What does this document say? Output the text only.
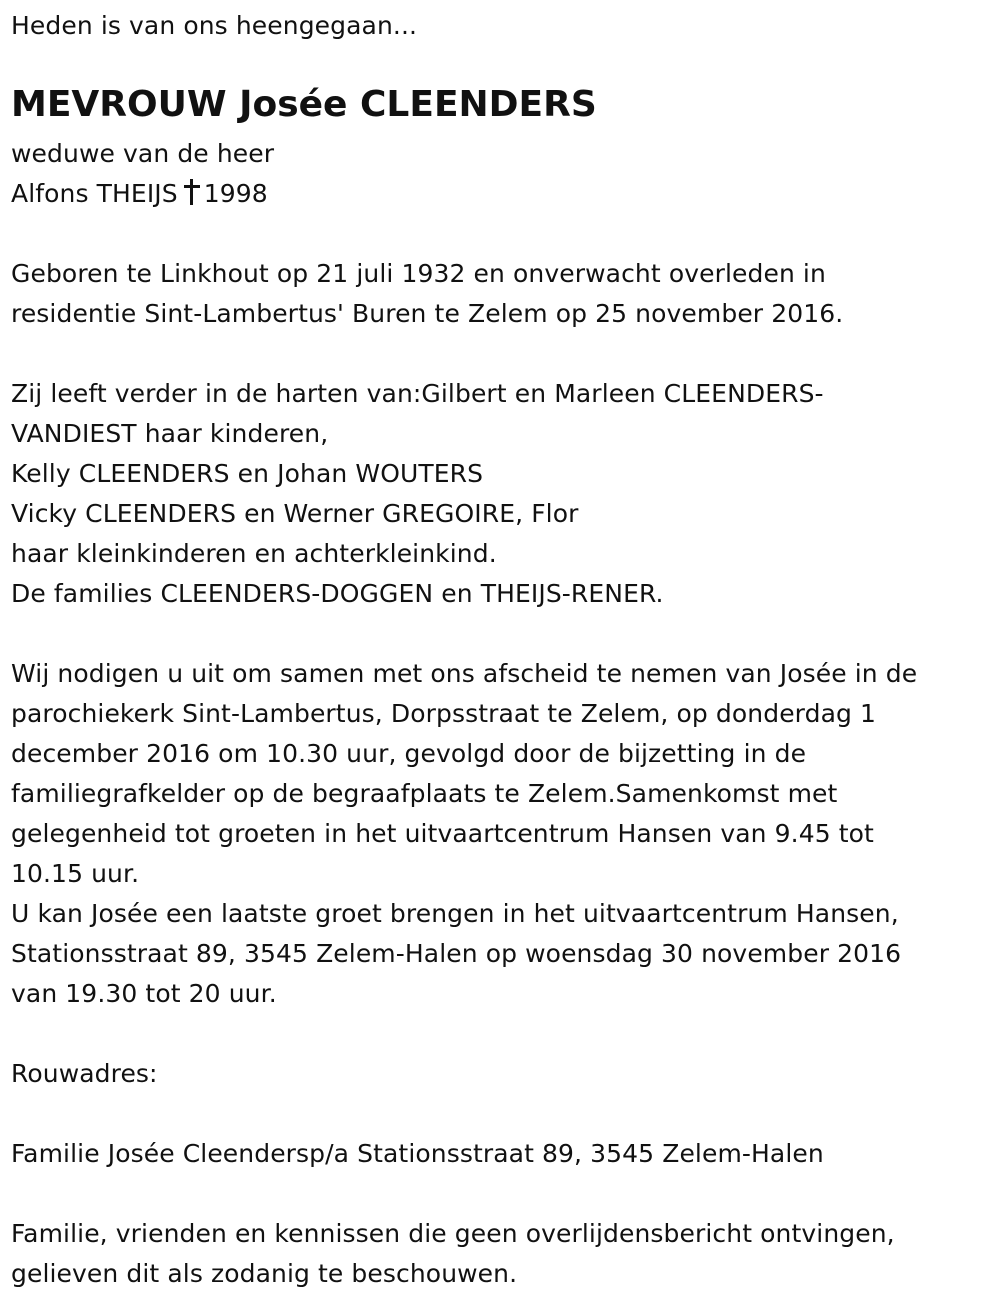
Heden is van ons heengegaan...
MEVROUW Josée CLEENDERS
weduwe van de heer
Alfons THEIJS 1998
Geboren te Linkhout op 21 juli 1932 en onverwacht overleden in
residentie Sint-Lambertus' Buren te Zelem op 25 november 2016.
Zij leeft verder in de harten van:Gilbert en Marleen CLEENDERS-
VANDIEST haar kinderen,
Kelly CLEENDERS en Johan WOUTERS
Vicky CLEENDERS en Werner GREGOIRE, Flor
haar kleinkinderen en achterkleinkind.
De families CLEENDERS-DOGGEN en THEIJS-RENER.
Wij nodigen u uit om samen met ons afscheid te nemen van Josée in de
parochiekerk Sint-Lambertus, Dorpsstraat te Zelem, op donderdag 1
december 2016 om 10.30 uur, gevolgd door de bijzetting in de
familiegrafkelder op de begraafplaats te Zelem.Samenkomst met
gelegenheid tot groeten in het uitvaartcentrum Hansen van 9.45 tot
10.15 uur.
U kan Josée een laatste groet brengen in het uitvaartcentrum Hansen,
Stationsstraat 89, 3545 Zelem-Halen op woensdag 30 november 2016
van 19.30 tot 20 uur.
Rouwadres:
Familie Josée Cleendersp/a Stationsstraat 89, 3545 Zelem-Halen
Familie, vrienden en kennissen die geen overlijdensbericht ontvingen,
gelieven dit als zodanig te beschouwen.
